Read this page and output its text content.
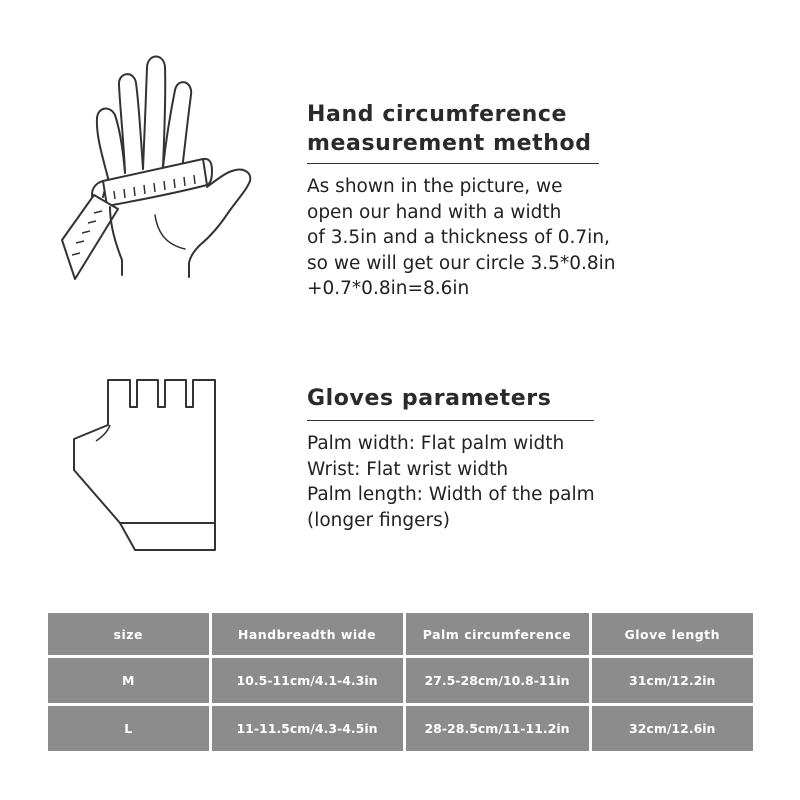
Hand circumference
measurement method

As shown in the picture, we
open our hand with a width
of 3.5in and a thickness of 0.7in,
so we will get our circle 3.5*0.8in
+0.7*0.8in=8.6in

Gloves parameters

Palm width: Flat palm width
Wrist: Flat wrist width
Palm length: Width of the palm
(longer fingers)

size	Handbreadth wide	Palm circumference	Glove length
M	10.5-11cm/4.1-4.3in	27.5-28cm/10.8-11in	31cm/12.2in
L	11-11.5cm/4.3-4.5in	28-28.5cm/11-11.2in	32cm/12.6in
